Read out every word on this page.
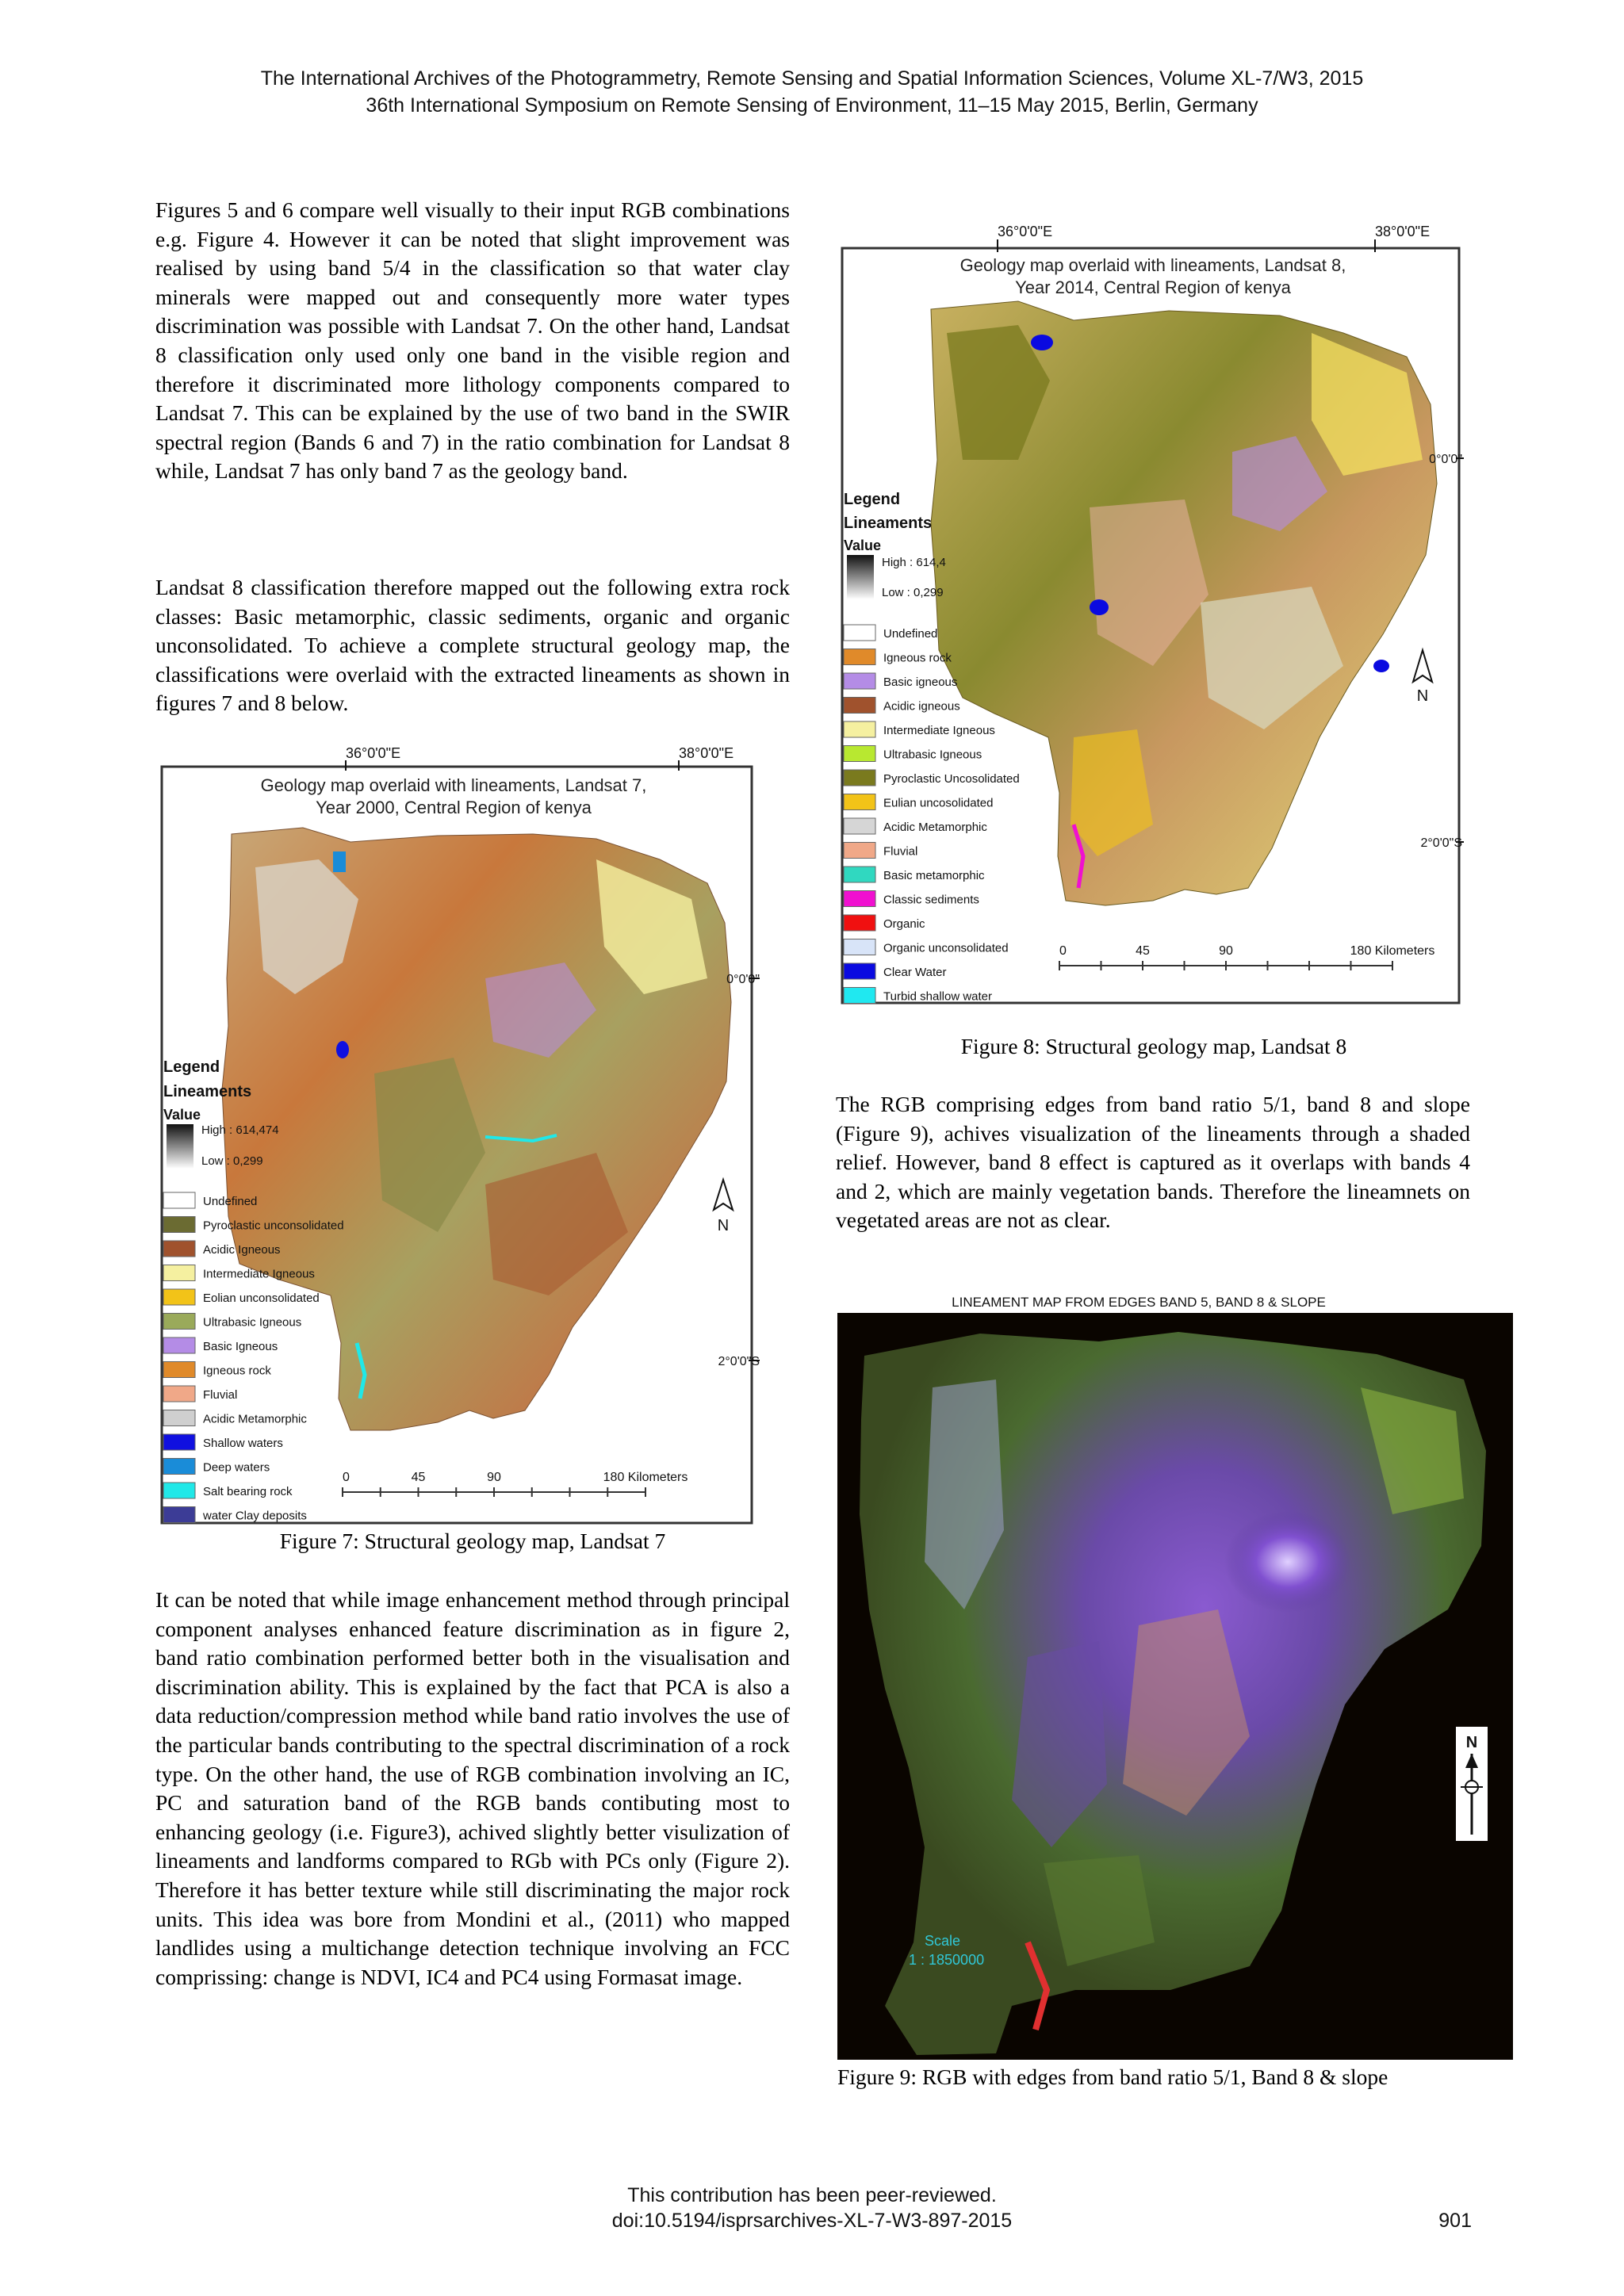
The International Archives of the Photogrammetry, Remote Sensing and Spatial Information Sciences, Volume XL-7/W3, 2015
36th International Symposium on Remote Sensing of Environment, 11–15 May 2015, Berlin, Germany
Figures 5 and 6 compare well visually to their input RGB combinations e.g. Figure 4. However it can be noted that slight improvement was realised by using band 5/4 in the classification so that water clay minerals were mapped out and consequently more water types discrimination was possible with Landsat 7. On the other hand, Landsat 8 classification only used only one band in the visible region and therefore it discriminated more lithology components compared to Landsat 7. This can be explained by the use of two band in the SWIR spectral region (Bands 6 and 7) in the ratio combination for Landsat 8 while, Landsat 7 has only band 7 as the geology band.
Landsat 8 classification therefore mapped out the following extra rock classes: Basic metamorphic, classic sediments, organic and organic unconsolidated. To achieve a complete structural geology map, the classifications were overlaid with the extracted lineaments as shown in figures 7 and 8 below.
36°0'0"E	38°0'0"E
Geology map overlaid with lineaments, Landsat 7,
Year 2000, Central Region of kenya
0°0'0"
2°0'0"S
Legend
Lineaments
Value
High : 614,474
Low : 0,299
Undefined
Pyroclastic unconsolidated
Acidic Igneous
Intermediate Igneous
Eolian unconsolidated
Ultrabasic Igneous
Basic Igneous
Igneous rock
Fluvial
Acidic Metamorphic
Shallow waters
Deep waters
Salt bearing rock
water Clay deposits
N
0	45	90	180 Kilometers
Figure 7: Structural geology map, Landsat 7
It can be noted that while image enhancement method through principal component analyses enhanced feature discrimination as in figure 2, band ratio combination performed better both in the visualisation and discrimination ability. This is explained by the fact that PCA is also a data reduction/compression method while band ratio involves the use of the particular bands contributing to the spectral discrimination of a rock type. On the other hand, the use of RGB combination involving an IC, PC and saturation band of the RGB bands contibuting most to enhancing geology (i.e. Figure3), achived slightly better visulization of lineaments and landforms compared to RGb with PCs only (Figure 2). Therefore it has better texture while still discriminating the major rock units. This idea was bore from Mondini et al., (2011) who mapped landlides using a multichange detection technique involving an FCC comprissing: change is NDVI, IC4 and PC4 using Formasat image.
36°0'0"E	38°0'0"E
Geology map overlaid with lineaments, Landsat 8,
Year 2014, Central Region of kenya
0°0'0"
2°0'0"S
Legend
Lineaments
Value
High : 614,4
Low : 0,299
Undefined
Igneous rock
Basic igneous
Acidic igneous
Intermediate Igneous
Ultrabasic Igneous
Pyroclastic Uncosolidated
Eulian uncosolidated
Acidic Metamorphic
Fluvial
Basic metamorphic
Classic sediments
Organic
Organic unconsolidated
Clear Water
Turbid shallow water
N
0	45	90	180 Kilometers
Figure 8: Structural geology map, Landsat 8
The RGB comprising edges from band ratio 5/1, band 8 and slope (Figure 9), achives visualization of the lineaments through a shaded relief. However, band 8 effect is captured as it overlaps with bands 4 and 2, which are mainly vegetation bands. Therefore the lineamnets on vegetated areas are not as clear.
LINEAMENT MAP FROM EDGES BAND 5, BAND 8 & SLOPE
Scale
1 : 1850000
N
Figure 9: RGB with edges from band ratio 5/1, Band 8 & slope
This contribution has been peer-reviewed.
doi:10.5194/isprsarchives-XL-7-W3-897-2015	901
